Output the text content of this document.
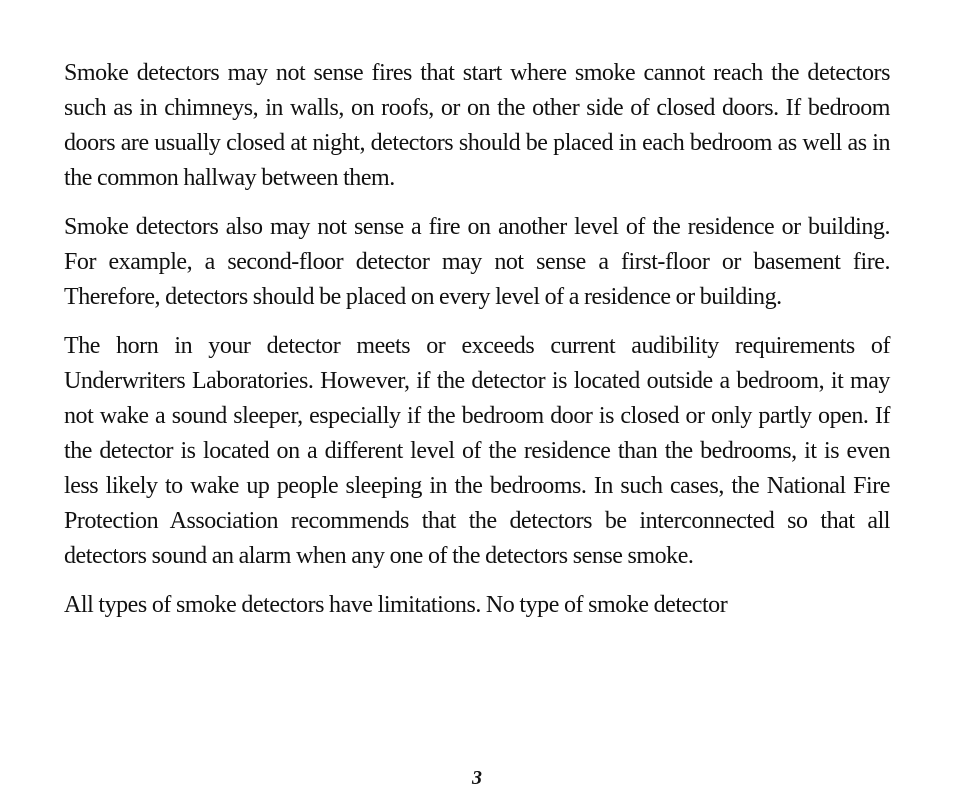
Smoke detectors may not sense fires that start where smoke cannot reach the detectors such as in chimneys, in walls, on roofs, or on the other side of closed doors. If bedroom doors are usually closed at night, detectors should be placed in each bedroom as well as in the common hallway between them.

Smoke detectors also may not sense a fire on another level of the residence or building. For example, a second-floor detector may not sense a first-floor or basement fire. Therefore, detectors should be placed on every level of a residence or building.

The horn in your detector meets or exceeds current audibility requirements of Underwriters Laboratories. However, if the detector is located outside a bedroom, it may not wake a sound sleeper, especially if the bedroom door is closed or only partly open. If the detector is located on a different level of the residence than the bedrooms, it is even less likely to wake up people sleeping in the bedrooms. In such cases, the National Fire Protection Association recommends that the detectors be interconnected so that all detectors sound an alarm when any one of the detectors sense smoke.

All types of smoke detectors have limitations. No type of smoke detector

3
